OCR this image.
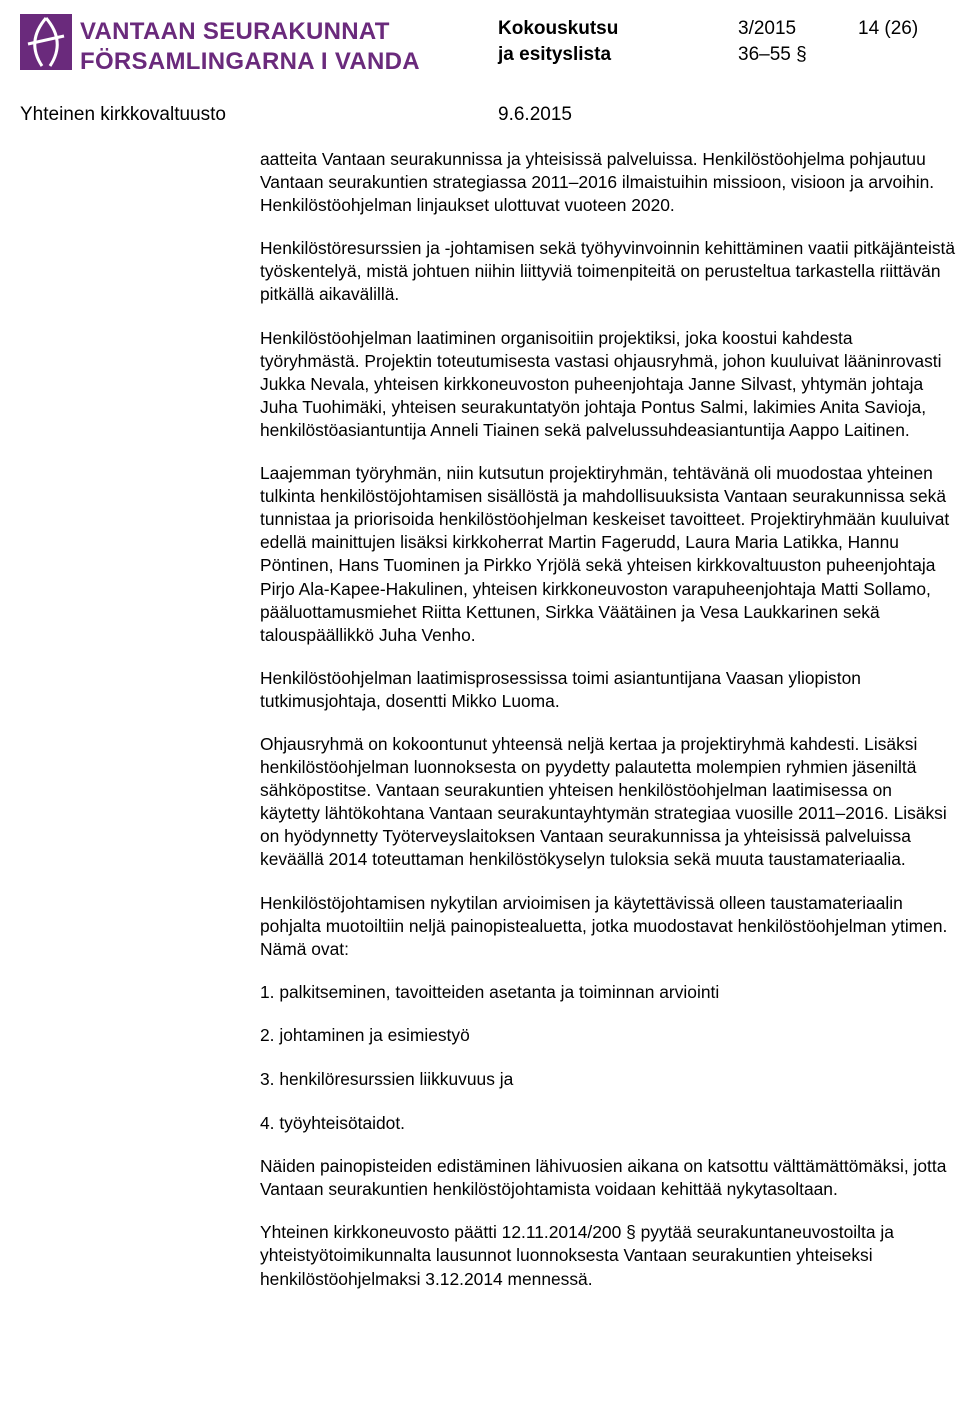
VANTAAN SEURAKUNNAT
FÖRSAMLINGARNA I VANDA
Kokouskutsu
ja esityslista
3/2015
36–55 §
14 (26)
Yhteinen kirkkovaltuusto	9.6.2015

aatteita Vantaan seurakunnissa ja yhteisissä palveluissa. Henkilöstöohjelma pohjautuu Vantaan seurakuntien strategiassa 2011–2016 ilmaistuihin missioon, visioon ja arvoihin. Henkilöstöohjelman linjaukset ulottuvat vuoteen 2020.

Henkilöstöresurssien ja -johtamisen sekä työhyvinvoinnin kehittäminen vaatii pitkäjänteistä työskentelyä, mistä johtuen niihin liittyviä toimenpiteitä on perusteltua tarkastella riittävän pitkällä aikavälillä.

Henkilöstöohjelman laatiminen organisoitiin projektiksi, joka koostui kahdesta työryhmästä. Projektin toteutumisesta vastasi ohjausryhmä, johon kuuluivat lääninrovasti Jukka Nevala, yhteisen kirkkoneuvoston puheenjohtaja Janne Silvast, yhtymän johtaja Juha Tuohimäki, yhteisen seurakuntatyön johtaja Pontus Salmi, lakimies Anita Savioja, henkilöstöasiantuntija Anneli Tiainen sekä palvelussuhdeasiantuntija Aappo Laitinen.

Laajemman työryhmän, niin kutsutun projektiryhmän, tehtävänä oli muodostaa yhteinen tulkinta henkilöstöjohtamisen sisällöstä ja mahdollisuuksista Vantaan seurakunnissa sekä tunnistaa ja priorisoida henkilöstöohjelman keskeiset tavoitteet. Projektiryhmään kuuluivat edellä mainittujen lisäksi kirkkoherrat Martin Fagerudd, Laura Maria Latikka, Hannu Pöntinen, Hans Tuominen ja Pirkko Yrjölä sekä yhteisen kirkkovaltuuston puheenjohtaja Pirjo Ala-Kapee-Hakulinen, yhteisen kirkkoneuvoston varapuheenjohtaja Matti Sollamo, pääluottamusmiehet Riitta Kettunen, Sirkka Väätäinen ja Vesa Laukkarinen sekä talouspäällikkö Juha Venho.

Henkilöstöohjelman laatimisprosessissa toimi asiantuntijana Vaasan yliopiston tutkimusjohtaja, dosentti Mikko Luoma.

Ohjausryhmä on kokoontunut yhteensä neljä kertaa ja projektiryhmä kahdesti. Lisäksi henkilöstöohjelman luonnoksesta on pyydetty palautetta molempien ryhmien jäseniltä sähköpostitse. Vantaan seurakuntien yhteisen henkilöstöohjelman laatimisessa on käytetty lähtökohtana Vantaan seurakuntayhtymän strategiaa vuosille 2011–2016. Lisäksi on hyödynnetty Työterveyslaitoksen Vantaan seurakunnissa ja yhteisissä palveluissa keväällä 2014 toteuttaman henkilöstökyselyn tuloksia sekä muuta taustamateriaalia.

Henkilöstöjohtamisen nykytilan arvioimisen ja käytettävissä olleen taustamateriaalin pohjalta muotoiltiin neljä painopistealuetta, jotka muodostavat henkilöstöohjelman ytimen. Nämä ovat:

1. palkitseminen, tavoitteiden asetanta ja toiminnan arviointi
2. johtaminen ja esimiestyö
3. henkilöresurssien liikkuvuus ja
4. työyhteisötaidot.

Näiden painopisteiden edistäminen lähivuosien aikana on katsottu välttämättömäksi, jotta Vantaan seurakuntien henkilöstöjohtamista voidaan kehittää nykytasoltaan.

Yhteinen kirkkoneuvosto päätti 12.11.2014/200 § pyytää seurakuntaneuvostoilta ja yhteistyötoimikunnalta lausunnot luonnoksesta Vantaan seurakuntien yhteiseksi henkilöstöohjelmaksi 3.12.2014 mennessä.
